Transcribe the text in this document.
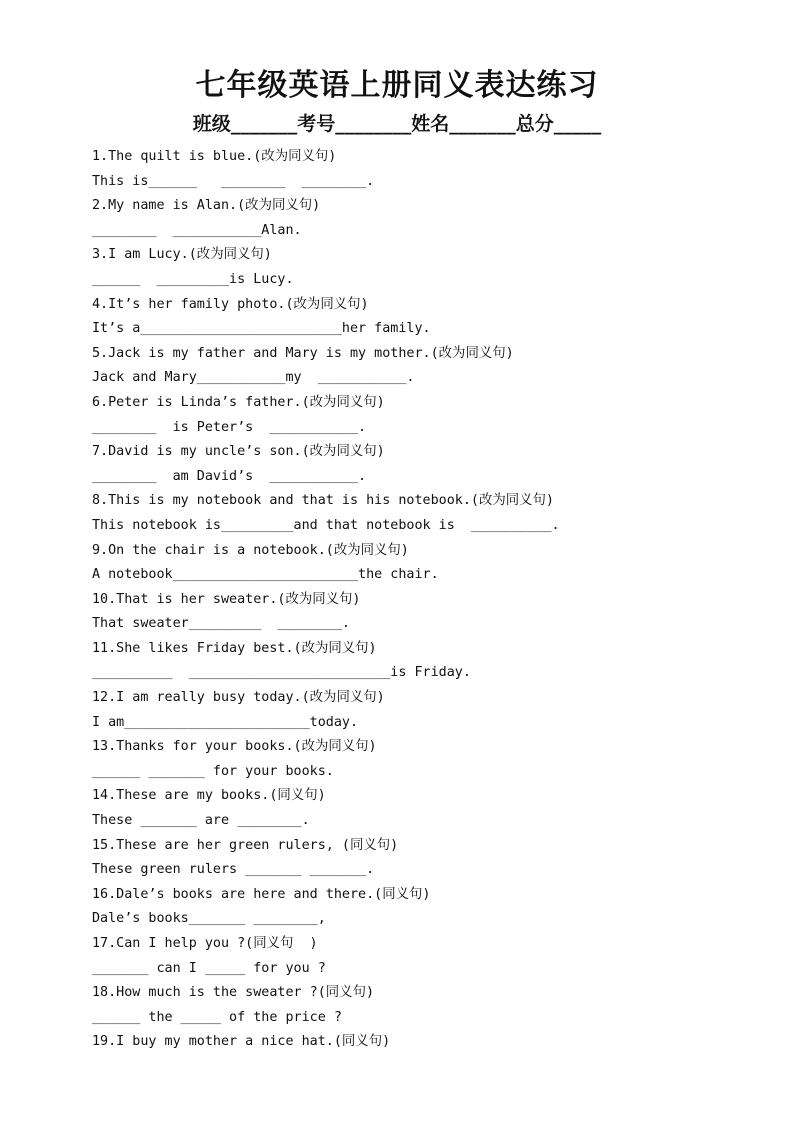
七年级英语上册同义表达练习
班级_______考号________姓名_______总分_____
1.The quilt is blue.(改为同义句)
This is______   ________  ________.
2.My name is Alan.(改为同义句)
________  ___________Alan.
3.I am Lucy.(改为同义句)
______  _________is Lucy.
4.It’s her family photo.(改为同义句)
It’s a_________________________her family.
5.Jack is my father and Mary is my mother.(改为同义句)
Jack and Mary___________my  ___________.
6.Peter is Linda’s father.(改为同义句)
________  is Peter’s  ___________.
7.David is my uncle’s son.(改为同义句)
________  am David’s  ___________.
8.This is my notebook and that is his notebook.(改为同义句)
This notebook is_________and that notebook is  __________.
9.On the chair is a notebook.(改为同义句)
A notebook_______________________the chair.
10.That is her sweater.(改为同义句)
That sweater_________  ________.
11.She likes Friday best.(改为同义句)
__________  _________________________is Friday.
12.I am really busy today.(改为同义句)
I am_______________________today.
13.Thanks for your books.(改为同义句)
______ _______ for your books.
14.These are my books.(同义句)
These _______ are ________.
15.These are her green rulers, (同义句)
These green rulers _______ _______.
16.Dale’s books are here and there.(同义句)
Dale’s books_______ ________,
17.Can I help you ?(同义句  )
_______ can I _____ for you ?
18.How much is the sweater ?(同义句)
______ the _____ of the price ?
19.I buy my mother a nice hat.(同义句)
